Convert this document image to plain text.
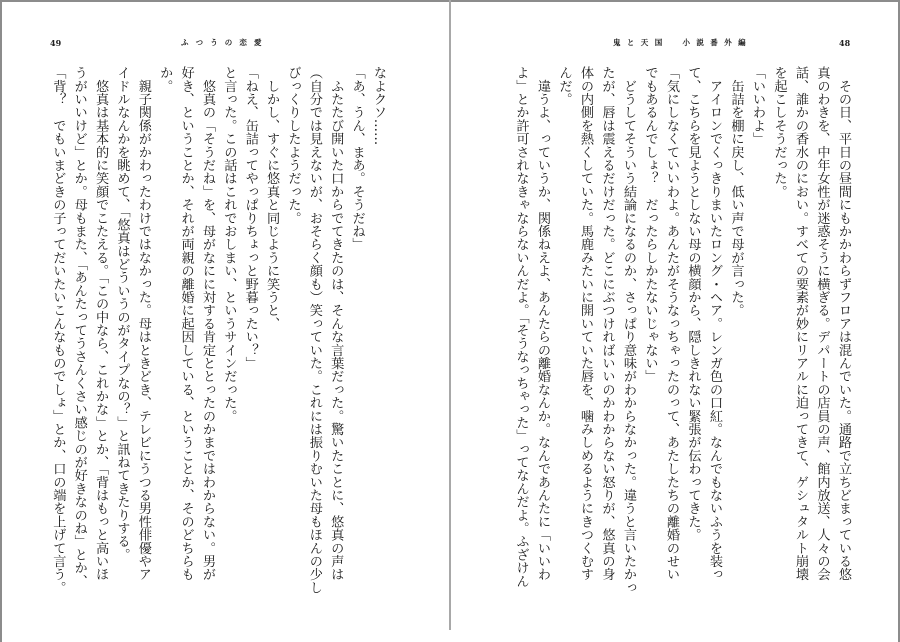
49	ふつうの恋愛
なよクソ……
「あ、うん、まあ。そうだね」
　ふたたび開いた口からでてきたのは、そんな言葉だった。驚いたことに、悠真の声は
（自分では見えないが、おそらく顔も）笑っていた。これには振りむいた母もほんの少し
びっくりしたようだった。
　しかし、すぐに悠真と同じように笑うと、
「ねえ、缶詰ってやっぱりちょっと野暮ったい？」
と言った。この話はこれでおしまい、というサインだった。
　悠真の「そうだね」を、母がなにに対する肯定ととったのかまではわからない。男が
好き、ということか、それが両親の離婚に起因している、ということか、そのどちらも
か。
　親子関係がかわったわけではなかった。母はときどき、テレビにうつる男性俳優やア
イドルなんかを眺めて、「悠真はどういうのがタイプなの？」と訊ねてきたりする。
　悠真は基本的に笑顔でこたえる。「この中なら、これかな」とか、「背はもっと高いほ
うがいいけど」とか。母もまた、「あんたってうさんくさい感じのが好きなのね」とか、
「背？　でもいまどきの子ってだいたいこんなものでしょ」とか、口の端を上げて言う。
鬼と天国　小説番外編	48
　その日、平日の昼間にもかかわらずフロアは混んでいた。通路で立ちどまっている悠
真のわきを、中年女性が迷惑そうに横ぎる。デパートの店員の声、館内放送、人々の会
話、誰かの香水のにおい。すべての要素が妙にリアルに迫ってきて、ゲシュタルト崩壊
を起こしそうだった。
「いいわよ」
　缶詰を棚に戻し、低い声で母が言った。
　アイロンでくっきりまいたロング・ヘア。レンガ色の口紅。なんでもないふうを装っ
て、こちらを見ようとしない母の横顔から、隠しきれない緊張が伝わってきた。
「気にしなくていいわよ。あんたがそうなっちゃったのって、あたしたちの離婚のせい
でもあるんでしょ？　だったらしかたないじゃない」
　どうしてそういう結論になるのか、さっぱり意味がわからなかった。違うと言いたかっ
たが、唇は震えるだけだった。どこにぶつければいいのかわからない怒りが、悠真の身
体の内側を熱くしていた。馬鹿みたいに開いていた唇を、噛みしめるようにきつくむす
んだ。
　違うよ、っていうか、関係ねえよ、あんたらの離婚なんか。なんであんたに「いいわ
よ」とか許可されなきゃならないんだよ。「そうなっちゃった」ってなんだよ。ふざけん
